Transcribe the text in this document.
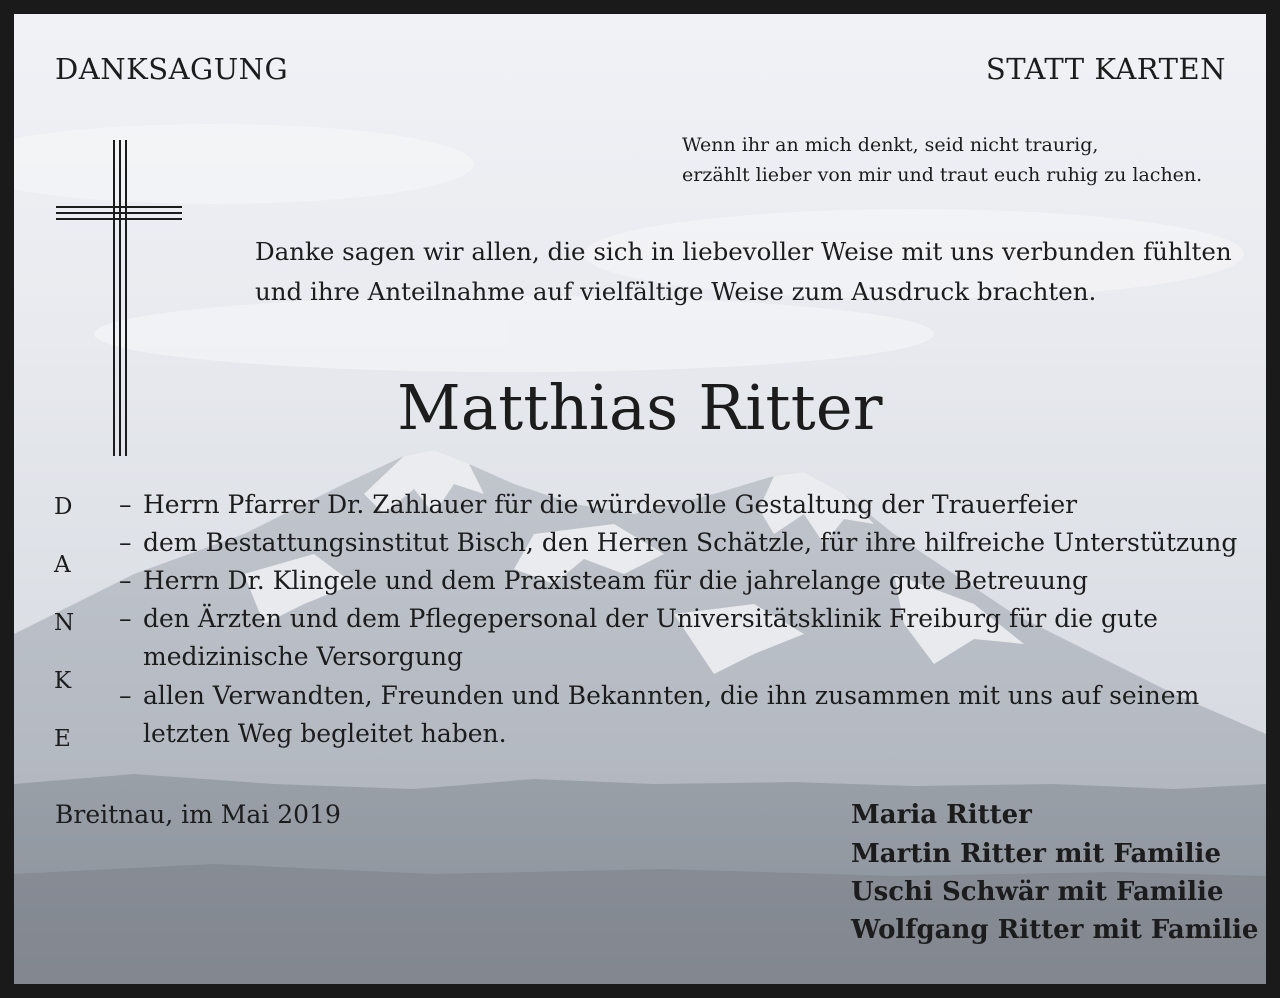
DANKSAGUNG	STATT KARTEN
Wenn ihr an mich denkt, seid nicht traurig,
erzählt lieber von mir und traut euch ruhig zu lachen.
Danke sagen wir allen, die sich in liebevoller Weise mit uns verbunden fühlten
und ihre Anteilnahme auf vielfältige Weise zum Ausdruck brachten.
Matthias Ritter
D
A
N
K
E
– Herrn Pfarrer Dr. Zahlauer für die würdevolle Gestaltung der Trauerfeier
– dem Bestattungsinstitut Bisch, den Herren Schätzle, für ihre hilfreiche Unterstützung
– Herrn Dr. Klingele und dem Praxisteam für die jahrelange gute Betreuung
– den Ärzten und dem Pflegepersonal der Universitätsklinik Freiburg für die gute
medizinische Versorgung
– allen Verwandten, Freunden und Bekannten, die ihn zusammen mit uns auf seinem
letzten Weg begleitet haben.
Breitnau, im Mai 2019	Maria Ritter
Martin Ritter mit Familie
Uschi Schwär mit Familie
Wolfgang Ritter mit Familie
